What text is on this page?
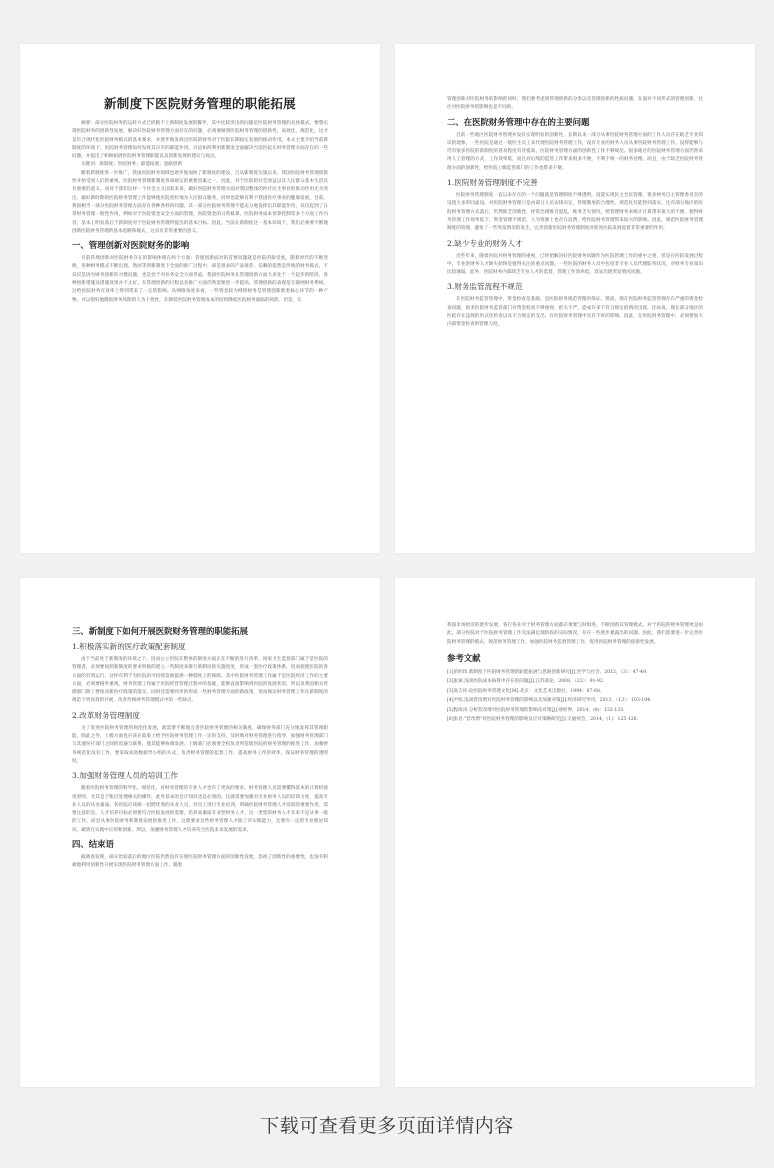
新制度下医院财务管理的职能拓展

摘要：部分医院财务的运转方式已经跟不上新制度发展的脚步，其中比较突出的问题是医院财务管理的具体模式。要想实现医院财务的创新性发展，解决好医院财务管理方面存在的问题，必须要做到医院财务管理的创新性、高效化、规范化，这才是符合现代化医院财务模式的基本要求，并逐步地发挥出医院的财务对于医院长期稳定发展的推动作用。本文主要介绍当前新制度的环境下，医院财务管理如何发挥其应有的职能作用，讨论如何利用新制度全面解决当前医院在财务管理方面存在的一些问题，并提出了积极拓展医院财务管理职能以及创新发展的建议与观点。

关键词：新制度；医院财务；职能拓展；思路创新

随着新制度进一步推广，我国医院财务领域也逐步地加快了新制度的建设。自从新制度实施以来，我国医院财务管理创新性开始受到人们的重视，医院财务管理新制度各项规定的重要因素之一。因此，对于医院的社会效益以及人民群众基本生活具有重要的意义。而对于我们这样一个社会主义国家来说，做好医院财务管理方面对我国整体的医疗民生事业的推动作用尤为突出。做好新时期的医院财务管理工作能够使医院更好地为人民群众服务，同时也能够有利于我国医疗事业的健康发展。目前，我国相当一部分医院财务管理方面存在各种各样的问题，其一部分医院财务管理不能充分地发挥出其职能作用，仅仅起到了日常财务管理一般性作用。例如对于医院资金安全方面的管理、医院资金的日常核算、医院财务成本预算控制等多个方面工作内容，基本上明显落后于新制度对于医院财务管理所提出的基本目标。因此，当前在新制度这一基本环境下，我们必须要不断地创新医院财务管理的基本思路和模式，这具有非常重要的意义。

一、管理创新对医院财务的影响

目前管理创新对医院财务存在的影响体现在两个方面：管理创新面对的首要问题就是医院的接受度。随着时代的不断变换，各种财务模式不断出现，然而等到新制度下全面的推广过程中，却是很多的产品推荐，信赖的依然是传统的财务模式，不仅仅是因为财务创新的习惯问题，也是处于对业务安全方面考虑。我国医院财务在管理创新方面大多处于一个起步的阶段，各种创新措施及措施效果并不太好。在管理创新的过程以及推广方面仍然需要进一步提高，管理创新的表现是互联网财务系统，这给医院财务在效率上得到带来了一定的影响。从网络角度来看，一些资金较为网络财务是管理创新新类核心环节的一种产物，可以很好地降低财务风险的人为干扰性，在降低医院财务管理成本的同时降低医院财务面临的风险。但是，在

管理创新对医院财务的影响的同时，我们要考虑到管理创新的分类以及管理创新的性质问题，在面对不同形式的管理创新，往往对医院财务的影响也是不同的。

二、在医院财务管理中存在的主要问题

目前一些地区医院财务管理并没有实现明显的创新性。长期以来一部分从事医院财务管理方面的工作人员存在缺乏专业知识的现象，一些医院是通过一般医生员工来代理医院财务管理工作，没有专业的财务人员从事医院财务管理工作。没得能够与仍有很多医院的新制度的普及程度有待提高，医院财务管理方面的创新性工作不够规范。很多地区的医院财务管理方面仍然采用人工管理的方式，工作效率低，而且对后续的监管工作带来很多不便，不利于统一的财务处理。而且，由于缺乏医院财务管理方面的创新性，给医院上级监管部门的工作也带来不便。

1.医院财务管理制度不完善

医院财务管理制度一直以来存在的一个问题就是管理制度不够透明，没能实现民主全民管理，很多财务自主管理委员会的设置大多形同虚设。对医院财务管理只是由部分人员安排决定，管理制度的合理性，规范化仅能得到落实。还有部分地区的医院财务管理方式落后，仍然缺乏创新性，经常出现账目混乱，账务乏失情况，给管理财务来统计计算带来很大的不便，使得财务管理工作效率低下，资金管理不规范，人为资源上也存在浪费，给医院财务管理带来较大的影响。因此，规范医院财务管理制度的管理，避免了一些突发情况的发生，完善创新医院财务管理制度对促进医院发展起着非常重要的作用。

2.缺少专业的财务人才

近些年来，随着医院对财务管理的重视，已经把解决好医院财务问题作为医院管理工作的重中之重，但是在医院发展过程中，专业的财务人才缺失始终是值得关注的重点问题。一些医院的财务人员中包括非专业人员代理职务状况，对财务专业知识比较薄弱，此外，医院财务内部缺乏专业人才的监督，管理工作效率低，容易出现突发情况问题。

3.财务监管流程不规范

在医院财务监管管理中，资金检查是基础，是医院财务规范管理的保证。然而，现在医院财务监管管理存在严重的资金检查问题，很多医院财务监管部门对资金检查不够重视，把关不严，造成许多不符合规定的情况出现，比如说，现在部分地区的医院存在违规的形式化检查以及不合规定的支出，在医院财务管理中具有不好的影响。因此，在医院财务管理中，必须要加大内部资金检查的管理力度。

三、新制度下如何开展医院财务管理的职能拓展
1.积极落实新的医疗政策配套制度

由于当前处于新制度的环境之下，因而公立医院在整体的制度方面正在不断的进行改革，国家卫生监督部门属于是医院的管理者，必须要按照新制度的要求积极的建立一些制度来推行新制度的实施进度，形成一套医疗政策体系，进而促使医院的各方面的有效运行，这样有利于为医院的可持续发展提供一种制度上的保障。其中医院财务管理工作属于是医院经济工作的主要方面，必须要格外重视。财务管理工作属于医院经营管理过程中的基础，能够直接影响到医院的发展状况，所以说我国相关管理部门除了要推动新医疗政策的落实，同时还需要同步的形成一些财务管理方面的新政策，进而保证财务管理工作在新制度的规范下更高效的开展，改善传统财务管理模式中的一些缺点。

2.改革财务管理制度

为了促进医院财务管理的规范化发展，就需要不断地完善医院财务管理的相关制度，确保财务部门充分地发挥其管理职能。除此之外，上级方面也应该在政策上给予医院财务管理工作一定的支持，及时地对财务管理进行指导，加强财务管理部门与其他医疗部门之间的沟通与联系，使其能够协调发展。上级部门必须要全权负责所管辖医院的财务管理的推进工作，加强财务规范化没有工作，要采取成效数据导小组的方式，负责财务管理的监督工作，提高财务工作的效率，保证财务管理的透明度。

3.加强财务管理人员的培训工作

随着医院财务管理的科学化、规范化，对财务管理的专业人才也有了更高的要求。财务管理人员需要懂得基本的计算机使用原则，尤其是于账目处理相关的操作，此外基本的会计知识也是必须的。这就需要加强对专业财务人员的培训力度，提高专业人员的从业素质。各医院应该统一招聘优秀的从业人员，对员工进行专业培训，明确医院财务管理人才培训的重要作用，需要注意的是，人才培养目标必须要符合医院发展的需要，培养高素质专业型财务人才，这一类型的财务人才未来不是从事一般的工作，而是从事医院财务新制度发展的推进工作，这就要求这些财务管理人才除了有实践能力，还要有一定的专业理论知识，做到在实践中应用和创新。所以，加强财务管理人才培养符合医院未来发展的需求。

四、结束语

据调查发现，部分比较落后的地区医院仍然没有实现医院财务管理方面的创新性发展，忽视了创新性的重要性，也没有积极地利用创新性开展实现医院财务管理方面工作。随着

我国市场经济的逐步发展，各行各业对于财务管理方面都必须要与时俱进，不断创新其管理模式。对于医院的财务管理更是如此，部分医院对于医院财务管理工作无法满足现阶段的实际情况，存在一些逐步暴露出的问题。因此，我们需要进一步完善医院财务管理的模式，规范财务管理工作，加强医院财务监督管理工作，促进医院财务管理的创新性发展。

参考文献

[1]苗明珍.新制度下医院财务管理的职能拓展与思路创新研究[J].医学与社会，2012，（3）：47-49.

[2]张斌.浅谈医院成本核算中存在的问题[J].江苏商论，2008，（23）：91-92.

[3]高吉祥.论医院财务管理文化[M].北京：文化艺术出版社，1994：67-68.

[4]尹旭.浅谈营改增对医院财务管理的影响以及加强对策[J].经济研究导刊，2013，（13）：103-104.

[5]程海涛.分析营改增对医院财务管理的影响及对策[J].财经界，2014，(8)：132-133.

[6]张君."营改增"对医院财务管理的影响及应对策略研究[J].交通财会，2014，(1)：125-126.

下载可查看更多页面详情内容
